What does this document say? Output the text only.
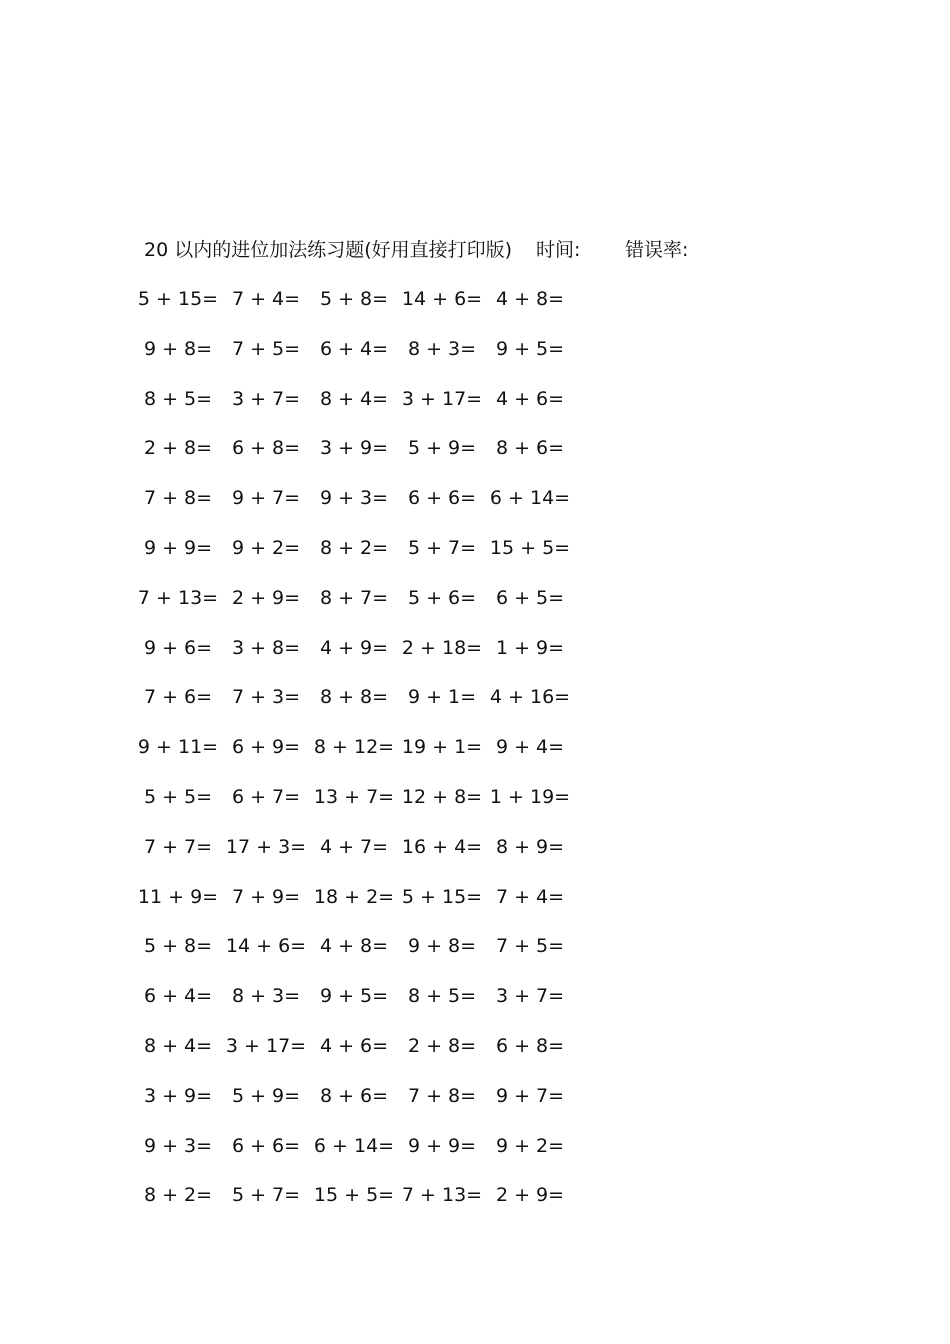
20 以内的进位加法练习题(好用直接打印版) 时间: 错误率:
5 + 15= 7 + 4=	5 + 8= 14 + 6= 4 + 8=
9 + 8=	7 + 5=	6 + 4=	8 + 3=	9 + 5=
8 + 5=	3 + 7=	8 + 4= 3 + 17= 4 + 6=
2 + 8=	6 + 8=	3 + 9=	5 + 9=	8 + 6=
7 + 8=	9 + 7=	9 + 3=	6 + 6= 6 + 14=
9 + 9=	9 + 2=	8 + 2=	5 + 7= 15 + 5=
7 + 13= 2 + 9=	8 + 7=	5 + 6=	6 + 5=
9 + 6=	3 + 8=	4 + 9= 2 + 18= 1 + 9=
7 + 6=	7 + 3=	8 + 8=	9 + 1= 4 + 16=
9 + 11= 6 + 9= 8 + 12= 19 + 1= 9 + 4=
5 + 5=	6 + 7= 13 + 7= 12 + 8= 1 + 19=
7 + 7= 17 + 3= 4 + 7= 16 + 4= 8 + 9=
11 + 9= 7 + 9= 18 + 2= 5 + 15= 7 + 4=
5 + 8= 14 + 6= 4 + 8=	9 + 8=	7 + 5=
6 + 4=	8 + 3=	9 + 5=	8 + 5=	3 + 7=
8 + 4= 3 + 17= 4 + 6=	2 + 8=	6 + 8=
3 + 9=	5 + 9=	8 + 6=	7 + 8=	9 + 7=
9 + 3=	6 + 6= 6 + 14= 9 + 9=	9 + 2=
8 + 2=	5 + 7= 15 + 5= 7 + 13= 2 + 9=
